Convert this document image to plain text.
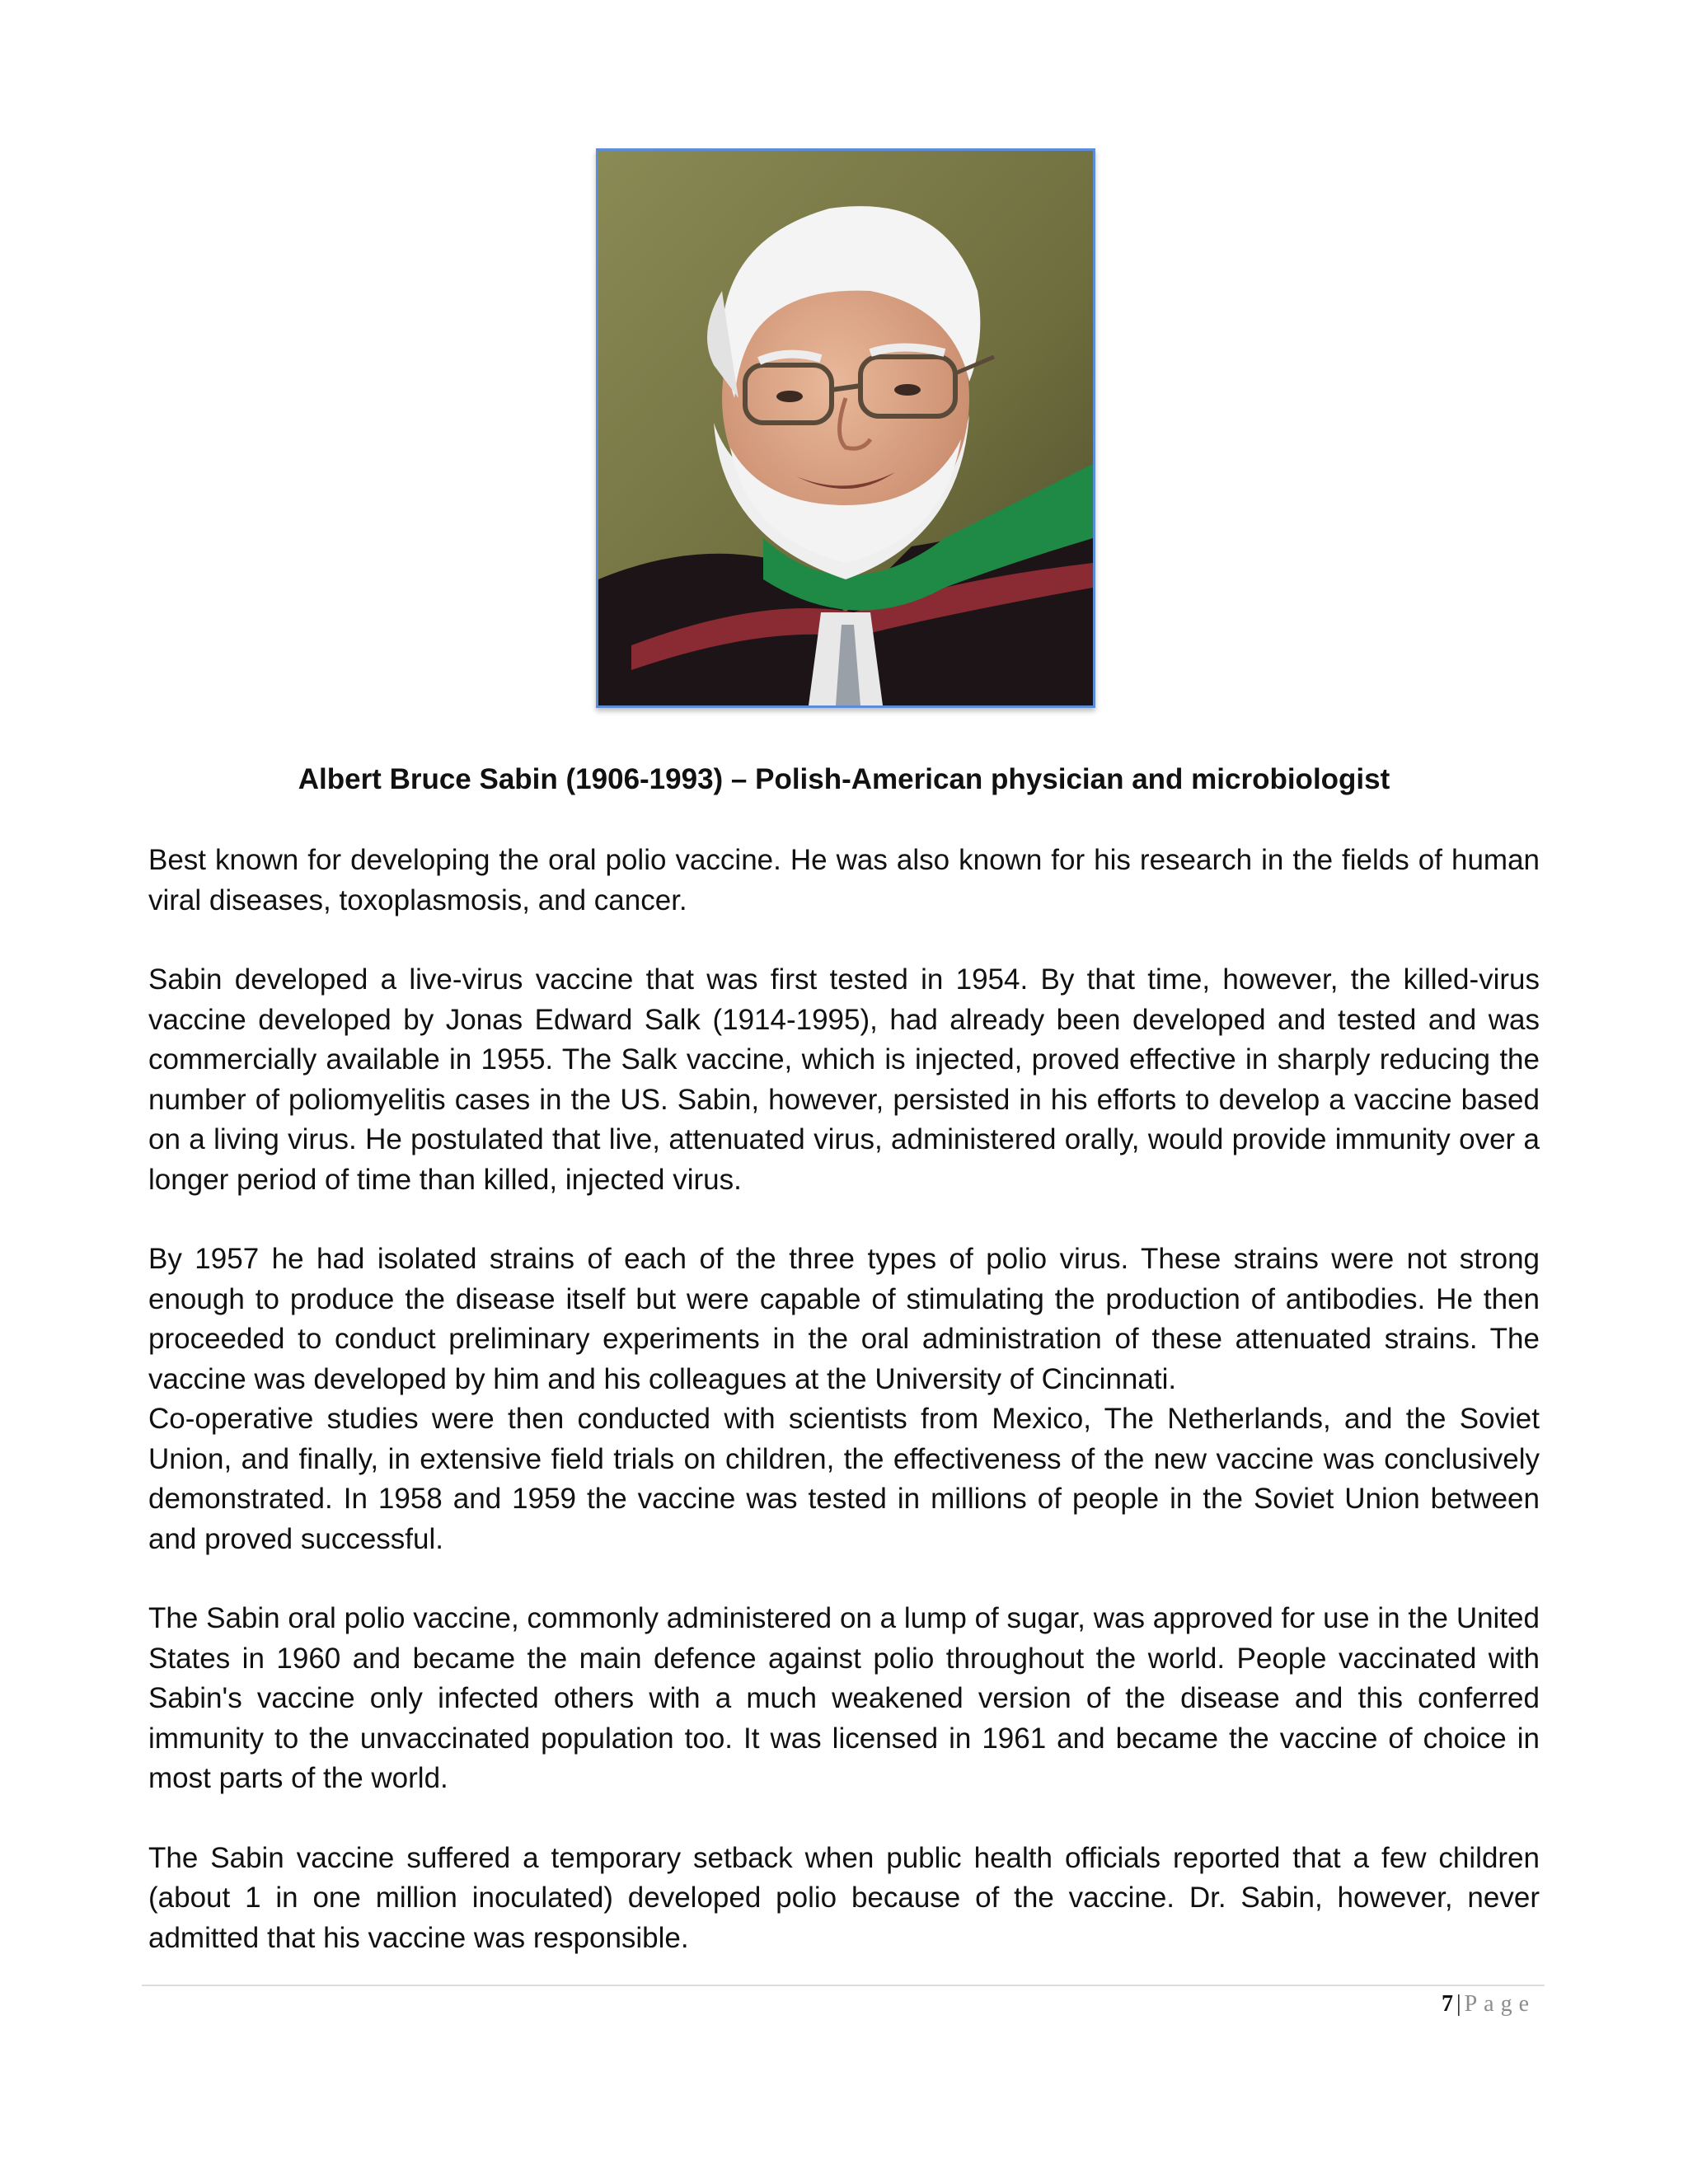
Albert Bruce Sabin (1906-1993) – Polish-American physician and microbiologist

Best known for developing the oral polio vaccine. He was also known for his research in the fields of human viral diseases, toxoplasmosis, and cancer.

Sabin developed a live-virus vaccine that was first tested in 1954. By that time, however, the killed-virus vaccine developed by Jonas Edward Salk (1914-1995), had already been developed and tested and was commercially available in 1955. The Salk vaccine, which is injected, proved effective in sharply reducing the number of poliomyelitis cases in the US. Sabin, however, persisted in his efforts to develop a vaccine based on a living virus. He postulated that live, attenuated virus, administered orally, would provide immunity over a longer period of time than killed, injected virus.

By 1957 he had isolated strains of each of the three types of polio virus. These strains were not strong enough to produce the disease itself but were capable of stimulating the production of antibodies. He then proceeded to conduct preliminary experiments in the oral administration of these attenuated strains. The vaccine was developed by him and his colleagues at the University of Cincinnati.

Co-operative studies were then conducted with scientists from Mexico, The Netherlands, and the Soviet Union, and finally, in extensive field trials on children, the effectiveness of the new vaccine was conclusively demonstrated. In 1958 and 1959 the vaccine was tested in millions of people in the Soviet Union between and proved successful.

The Sabin oral polio vaccine, commonly administered on a lump of sugar, was approved for use in the United States in 1960 and became the main defence against polio throughout the world. People vaccinated with Sabin's vaccine only infected others with a much weakened version of the disease and this conferred immunity to the unvaccinated population too. It was licensed in 1961 and became the vaccine of choice in most parts of the world.

The Sabin vaccine suffered a temporary setback when public health officials reported that a few children (about 1 in one million inoculated) developed polio because of the vaccine. Dr. Sabin, however, never admitted that his vaccine was responsible.

7 | Page
